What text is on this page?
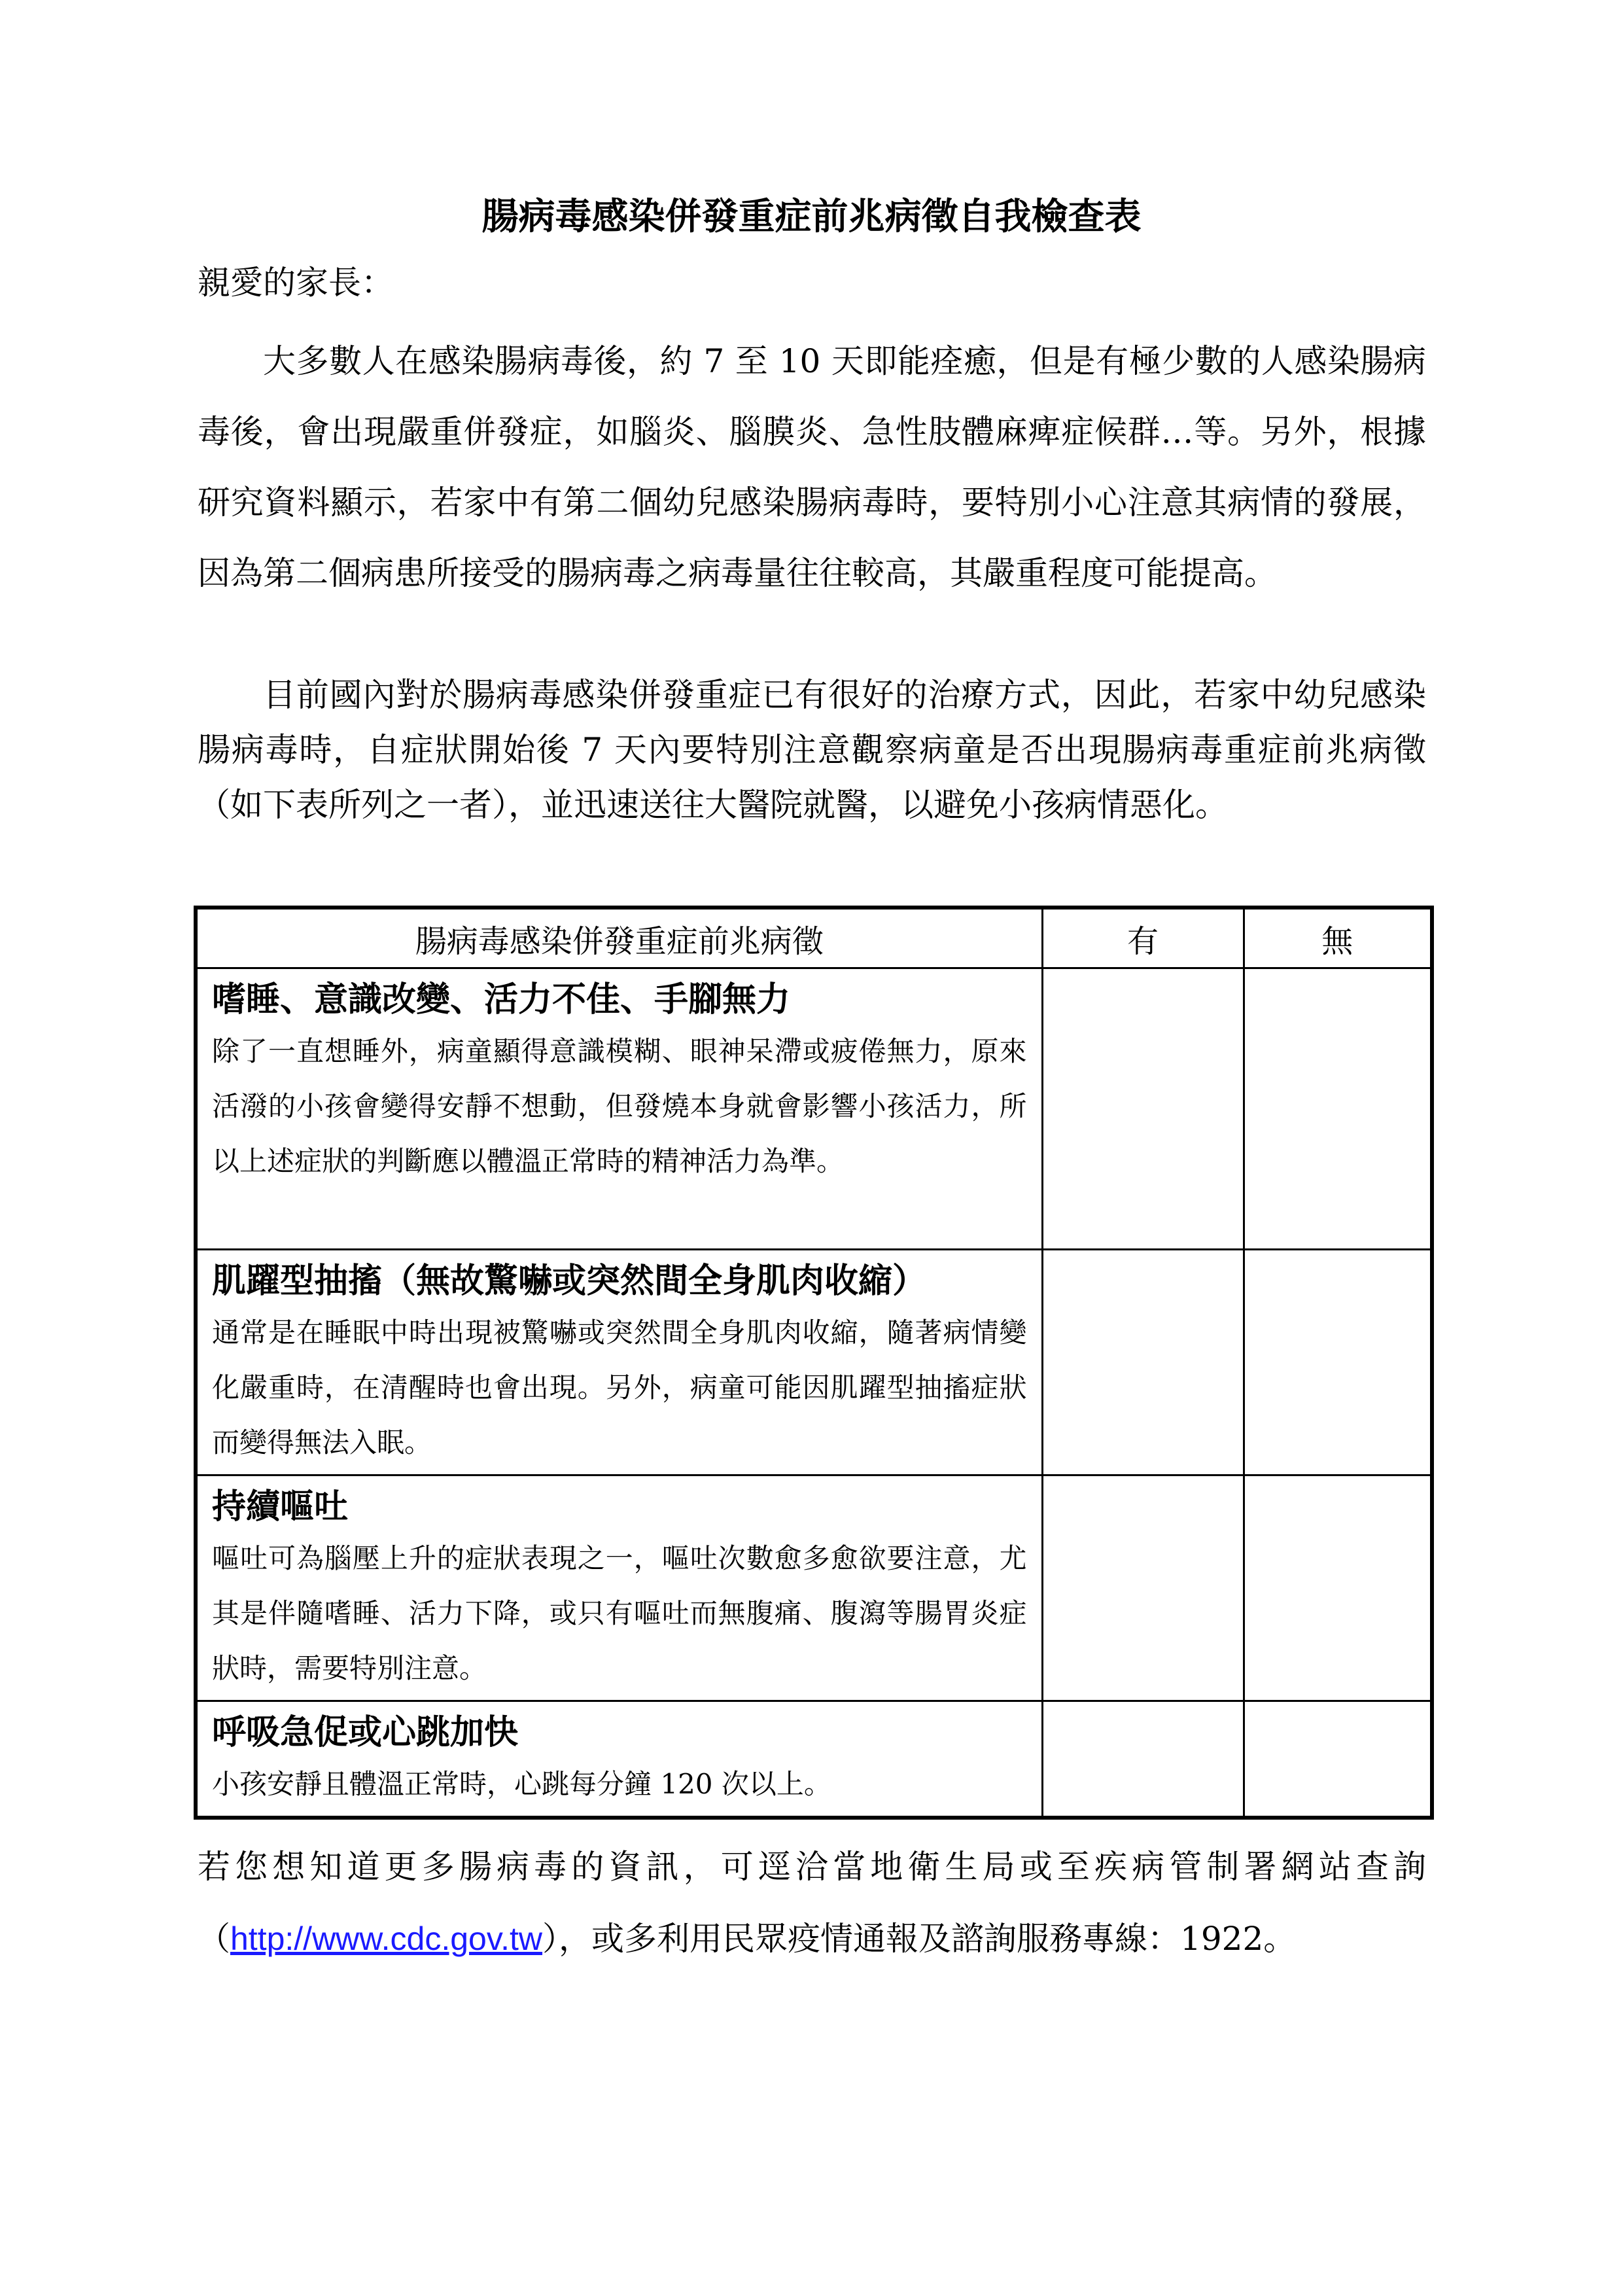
腸病毒感染併發重症前兆病徵自我檢查表

親愛的家長：

大多數人在感染腸病毒後，約 7 至 10 天即能痊癒，但是有極少數的人感染腸病毒後，會出現嚴重併發症，如腦炎、腦膜炎、急性肢體麻痺症候群…等。另外，根據研究資料顯示，若家中有第二個幼兒感染腸病毒時，要特別小心注意其病情的發展，因為第二個病患所接受的腸病毒之病毒量往往較高，其嚴重程度可能提高。

目前國內對於腸病毒感染併發重症已有很好的治療方式，因此，若家中幼兒感染腸病毒時，自症狀開始後 7 天內要特別注意觀察病童是否出現腸病毒重症前兆病徵（如下表所列之一者），並迅速送往大醫院就醫，以避免小孩病情惡化。

腸病毒感染併發重症前兆病徵	有	無

嗜睡、意識改變、活力不佳、手腳無力

除了一直想睡外，病童顯得意識模糊、眼神呆滯或疲倦無力，原來活潑的小孩會變得安靜不想動，但發燒本身就會影響小孩活力，所以上述症狀的判斷應以體溫正常時的精神活力為準。		

肌躍型抽搐（無故驚嚇或突然間全身肌肉收縮）

通常是在睡眠中時出現被驚嚇或突然間全身肌肉收縮，隨著病情變化嚴重時，在清醒時也會出現。另外，病童可能因肌躍型抽搐症狀而變得無法入眠。		

持續嘔吐

嘔吐可為腦壓上升的症狀表現之一，嘔吐次數愈多愈欲要注意，尤其是伴隨嗜睡、活力下降，或只有嘔吐而無腹痛、腹瀉等腸胃炎症狀時，需要特別注意。		

呼吸急促或心跳加快

小孩安靜且體溫正常時，心跳每分鐘 120 次以上。		

若您想知道更多腸病毒的資訊，可逕洽當地衛生局或至疾病管制署網站查詢（http://www.cdc.gov.tw），或多利用民眾疫情通報及諮詢服務專線：1922。
